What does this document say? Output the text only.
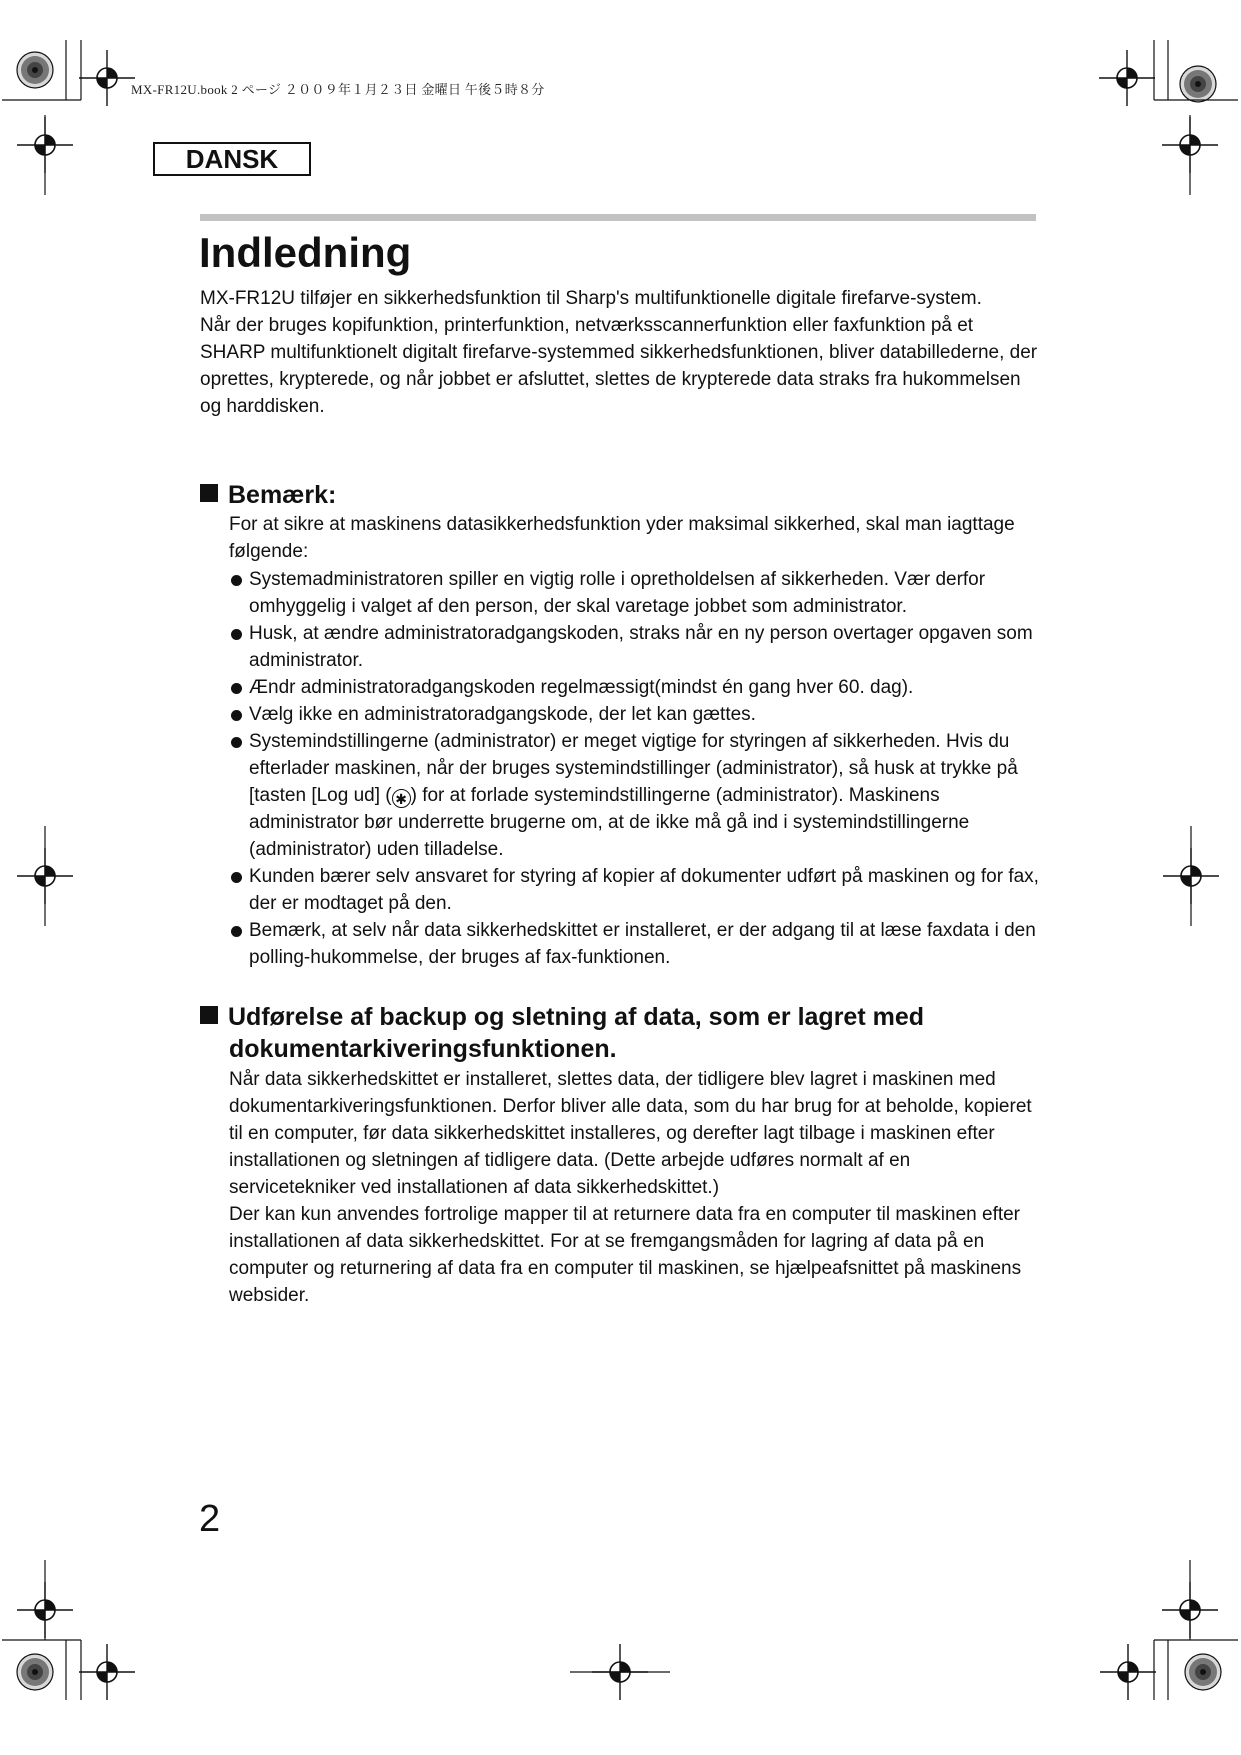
MX-FR12U.book 2 ページ ２００９年１月２３日 金曜日 午後５時８分
DANSK
Indledning

MX-FR12U tilføjer en sikkerhedsfunktion til Sharp's multifunktionelle digitale firefarve-system.

Når der bruges kopifunktion, printerfunktion, netværksscannerfunktion eller faxfunktion på et SHARP multifunktionelt digitalt firefarve-systemmed sikkerhedsfunktionen, bliver databillederne, der oprettes, krypterede, og når jobbet er afsluttet, slettes de krypterede data straks fra hukommelsen og harddisken.

Bemærk:
For at sikre at maskinens datasikkerhedsfunktion yder maksimal sikkerhed, skal man iagttage følgende:
Systemadministratoren spiller en vigtig rolle i opretholdelsen af sikkerheden. Vær derfor omhyggelig i valget af den person, der skal varetage jobbet som administrator.
Husk, at ændre administratoradgangskoden, straks når en ny person overtager opgaven som administrator.
Ændr administratoradgangskoden regelmæssigt(mindst én gang hver 60. dag).
Vælg ikke en administratoradgangskode, der let kan gættes.
Systemindstillingerne (administrator) er meget vigtige for styringen af sikkerheden. Hvis du efterlader maskinen, når der bruges systemindstillinger (administrator), så husk at trykke på [tasten [Log ud] ( ✱ ) for at forlade systemindstillingerne (administrator). Maskinens administrator bør underrette brugerne om, at de ikke må gå ind i systemindstillingerne (administrator) uden tilladelse.
Kunden bærer selv ansvaret for styring af kopier af dokumenter udført på maskinen og for fax, der er modtaget på den.
Bemærk, at selv når data sikkerhedskittet er installeret, er der adgang til at læse faxdata i den polling-hukommelse, der bruges af fax-funktionen.
Udførelse af backup og sletning af data, som er lagret med
dokumentarkiveringsfunktionen.

Når data sikkerhedskittet er installeret, slettes data, der tidligere blev lagret i maskinen med dokumentarkiveringsfunktionen. Derfor bliver alle data, som du har brug for at beholde, kopieret til en computer, før data sikkerhedskittet installeres, og derefter lagt tilbage i maskinen efter installationen og sletningen af tidligere data. (Dette arbejde udføres normalt af en servicetekniker ved installationen af data sikkerhedskittet.)

Der kan kun anvendes fortrolige mapper til at returnere data fra en computer til maskinen efter installationen af data sikkerhedskittet. For at se fremgangsmåden for lagring af data på en computer og returnering af data fra en computer til maskinen, se hjælpeafsnittet på maskinens websider.

2
